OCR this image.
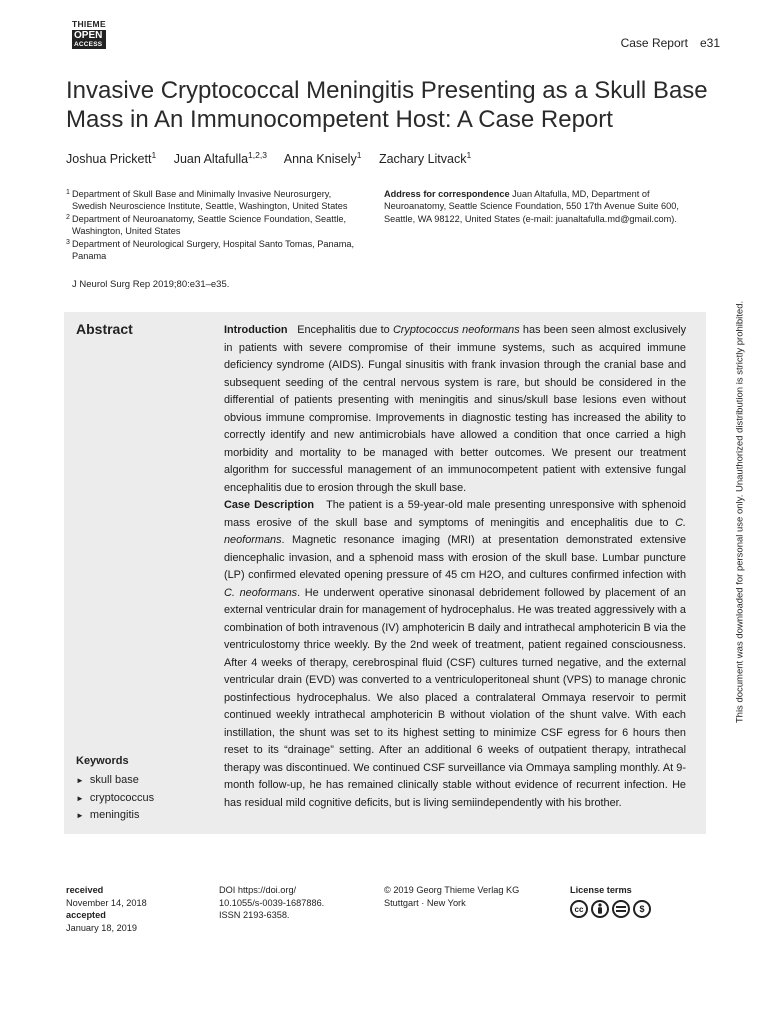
THIEME
OPEN
ACCESS	Case Report e31
Invasive Cryptococcal Meningitis Presenting as a Skull Base Mass in An Immunocompetent Host: A Case Report
Joshua Prickett$^1$ Juan Altafulla$^{1,2,3}$ Anna Knisely$^1$ Zachary Litvack$^1$
1 Department of Skull Base and Minimally Invasive Neurosurgery, Swedish Neuroscience Institute, Seattle, Washington, United States
2 Department of Neuroanatomy, Seattle Science Foundation, Seattle, Washington, United States
3 Department of Neurological Surgery, Hospital Santo Tomas, Panama, Panama
Address for correspondence Juan Altafulla, MD, Department of Neuroanatomy, Seattle Science Foundation, 550 17th Avenue Suite 600, Seattle, WA 98122, United States (e-mail: juanaltafulla.md@gmail.com).
J Neurol Surg Rep 2019;80:e31–e35.
Abstract	Introduction Encephalitis due to Cryptococcus neoformans has been seen almost exclusively in patients with severe compromise of their immune systems, such as acquired immune deficiency syndrome (AIDS). Fungal sinusitis with frank invasion through the cranial base and subsequent seeding of the central nervous system is rare, but should be considered in the differential of patients presenting with meningitis and sinus/skull base lesions even without obvious immune compromise. Improvements in diagnostic testing has increased the ability to correctly identify and new antimicrobials have allowed a condition that once carried a high morbidity and mortality to be managed with better outcomes. We present our treatment algorithm for successful management of an immunocompetent patient with extensive fungal encephalitis due to erosion through the skull base.

Case Description The patient is a 59-year-old male presenting unresponsive with sphenoid mass erosive of the skull base and symptoms of meningitis and encephalitis due to C. neoformans. Magnetic resonance imaging (MRI) at presentation demonstrated extensive diencephalic invasion, and a sphenoid mass with erosion of the skull base. Lumbar puncture (LP) confirmed elevated opening pressure of 45 cm H2O, and cultures confirmed infection with C. neoformans. He underwent operative sinonasal debridement followed by placement of an external ventricular drain for management of hydrocephalus. He was treated aggressively with a combination of both intravenous (IV) amphotericin B daily and intrathecal amphotericin B via the ventriculostomy thrice weekly. By the 2nd week of treatment, patient regained consciousness. After 4 weeks of therapy, cerebrospinal fluid (CSF) cultures turned negative, and the external ventricular drain (EVD) was converted to a ventriculoperitoneal shunt (VPS) to manage chronic postinfectious hydrocephalus. We also placed a contralateral Ommaya reservoir to permit continued weekly intrathecal amphotericin B without violation of the shunt valve. With each instillation, the shunt was set to its highest setting to minimize CSF egress for 6 hours then reset to its “drainage” setting. After an additional 6 weeks of outpatient therapy, intrathecal therapy was discontinued. We continued CSF surveillance via Ommaya sampling monthly. At 9-month follow-up, he has remained clinically stable without evidence of recurrent infection. He has residual mild cognitive deficits, but is living semiindependently with his brother.

Keywords
► skull base
► cryptococcus
► meningitis
This document was downloaded for personal use only. Unauthorized distribution is strictly prohibited.
received
November 14, 2018
accepted
January 18, 2019
DOI https://doi.org/
10.1055/s-0039-1687886.
ISSN 2193-6358.
© 2019 Georg Thieme Verlag KG
Stuttgart · New York
License terms
cc	$
